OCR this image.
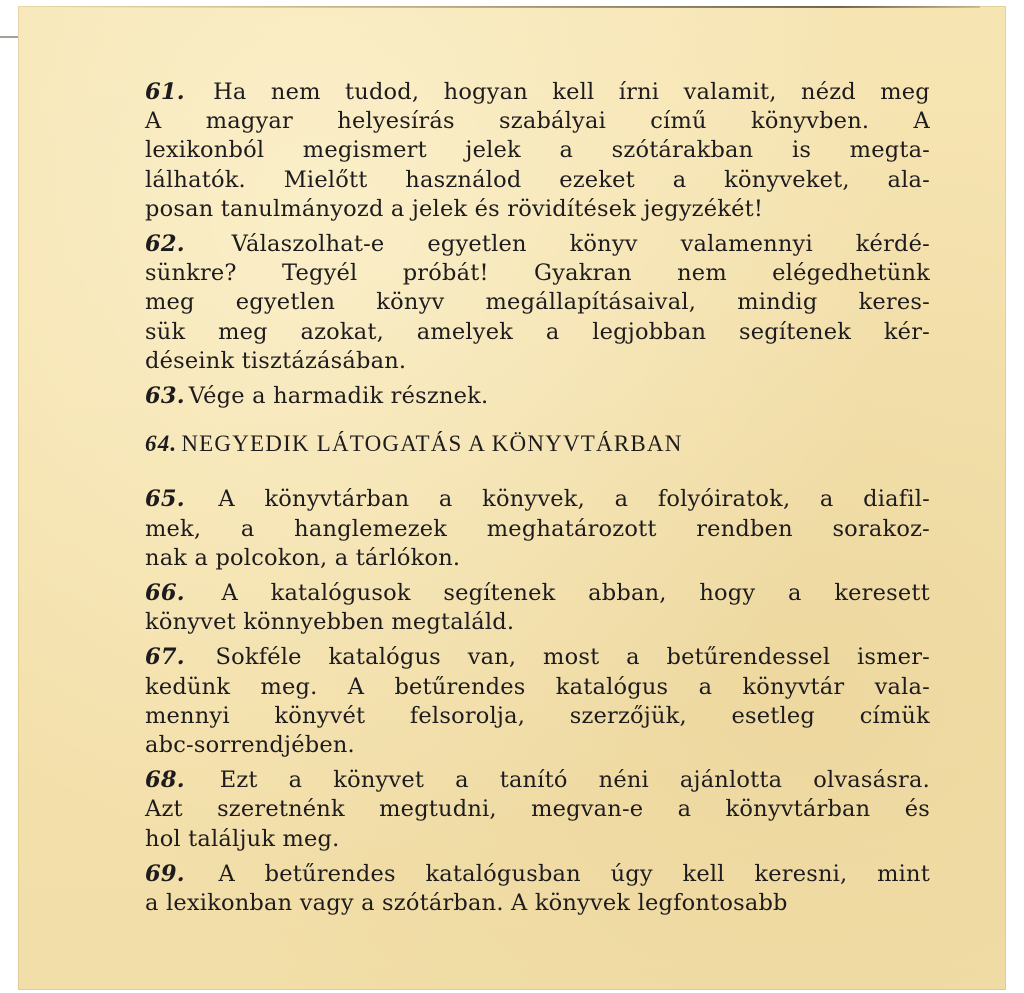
61. Ha nem tudod, hogyan kell írni valamit, nézd meg
A magyar helyesírás szabályai című könyvben. A
lexikonból megismert jelek a szótárakban is megta-
lálhatók. Mielőtt használod ezeket a könyveket, ala-
posan tanulmányozd a jelek és rövidítések jegyzékét!
62. Válaszolhat-e egyetlen könyv valamennyi kérdé-
sünkre? Tegyél próbát! Gyakran nem elégedhetünk
meg egyetlen könyv megállapításaival, mindig keres-
sük meg azokat, amelyek a legjobban segítenek kér-
déseink tisztázásában.
63. Vége a harmadik résznek.
64. NEGYEDIK LÁTOGATÁS A KÖNYVTÁRBAN
65. A könyvtárban a könyvek, a folyóiratok, a diafil-
mek, a hanglemezek meghatározott rendben sorakoz-
nak a polcokon, a tárlókon.
66. A katalógusok segítenek abban, hogy a keresett
könyvet könnyebben megtaláld.
67. Sokféle katalógus van, most a betűrendessel ismer-
kedünk meg. A betűrendes katalógus a könyvtár vala-
mennyi könyvét felsorolja, szerzőjük, esetleg címük
abc-sorrendjében.
68. Ezt a könyvet a tanító néni ajánlotta olvasásra.
Azt szeretnénk megtudni, megvan-e a könyvtárban és
hol találjuk meg.
69. A betűrendes katalógusban úgy kell keresni, mint
a lexikonban vagy a szótárban. A könyvek legfontosabb
